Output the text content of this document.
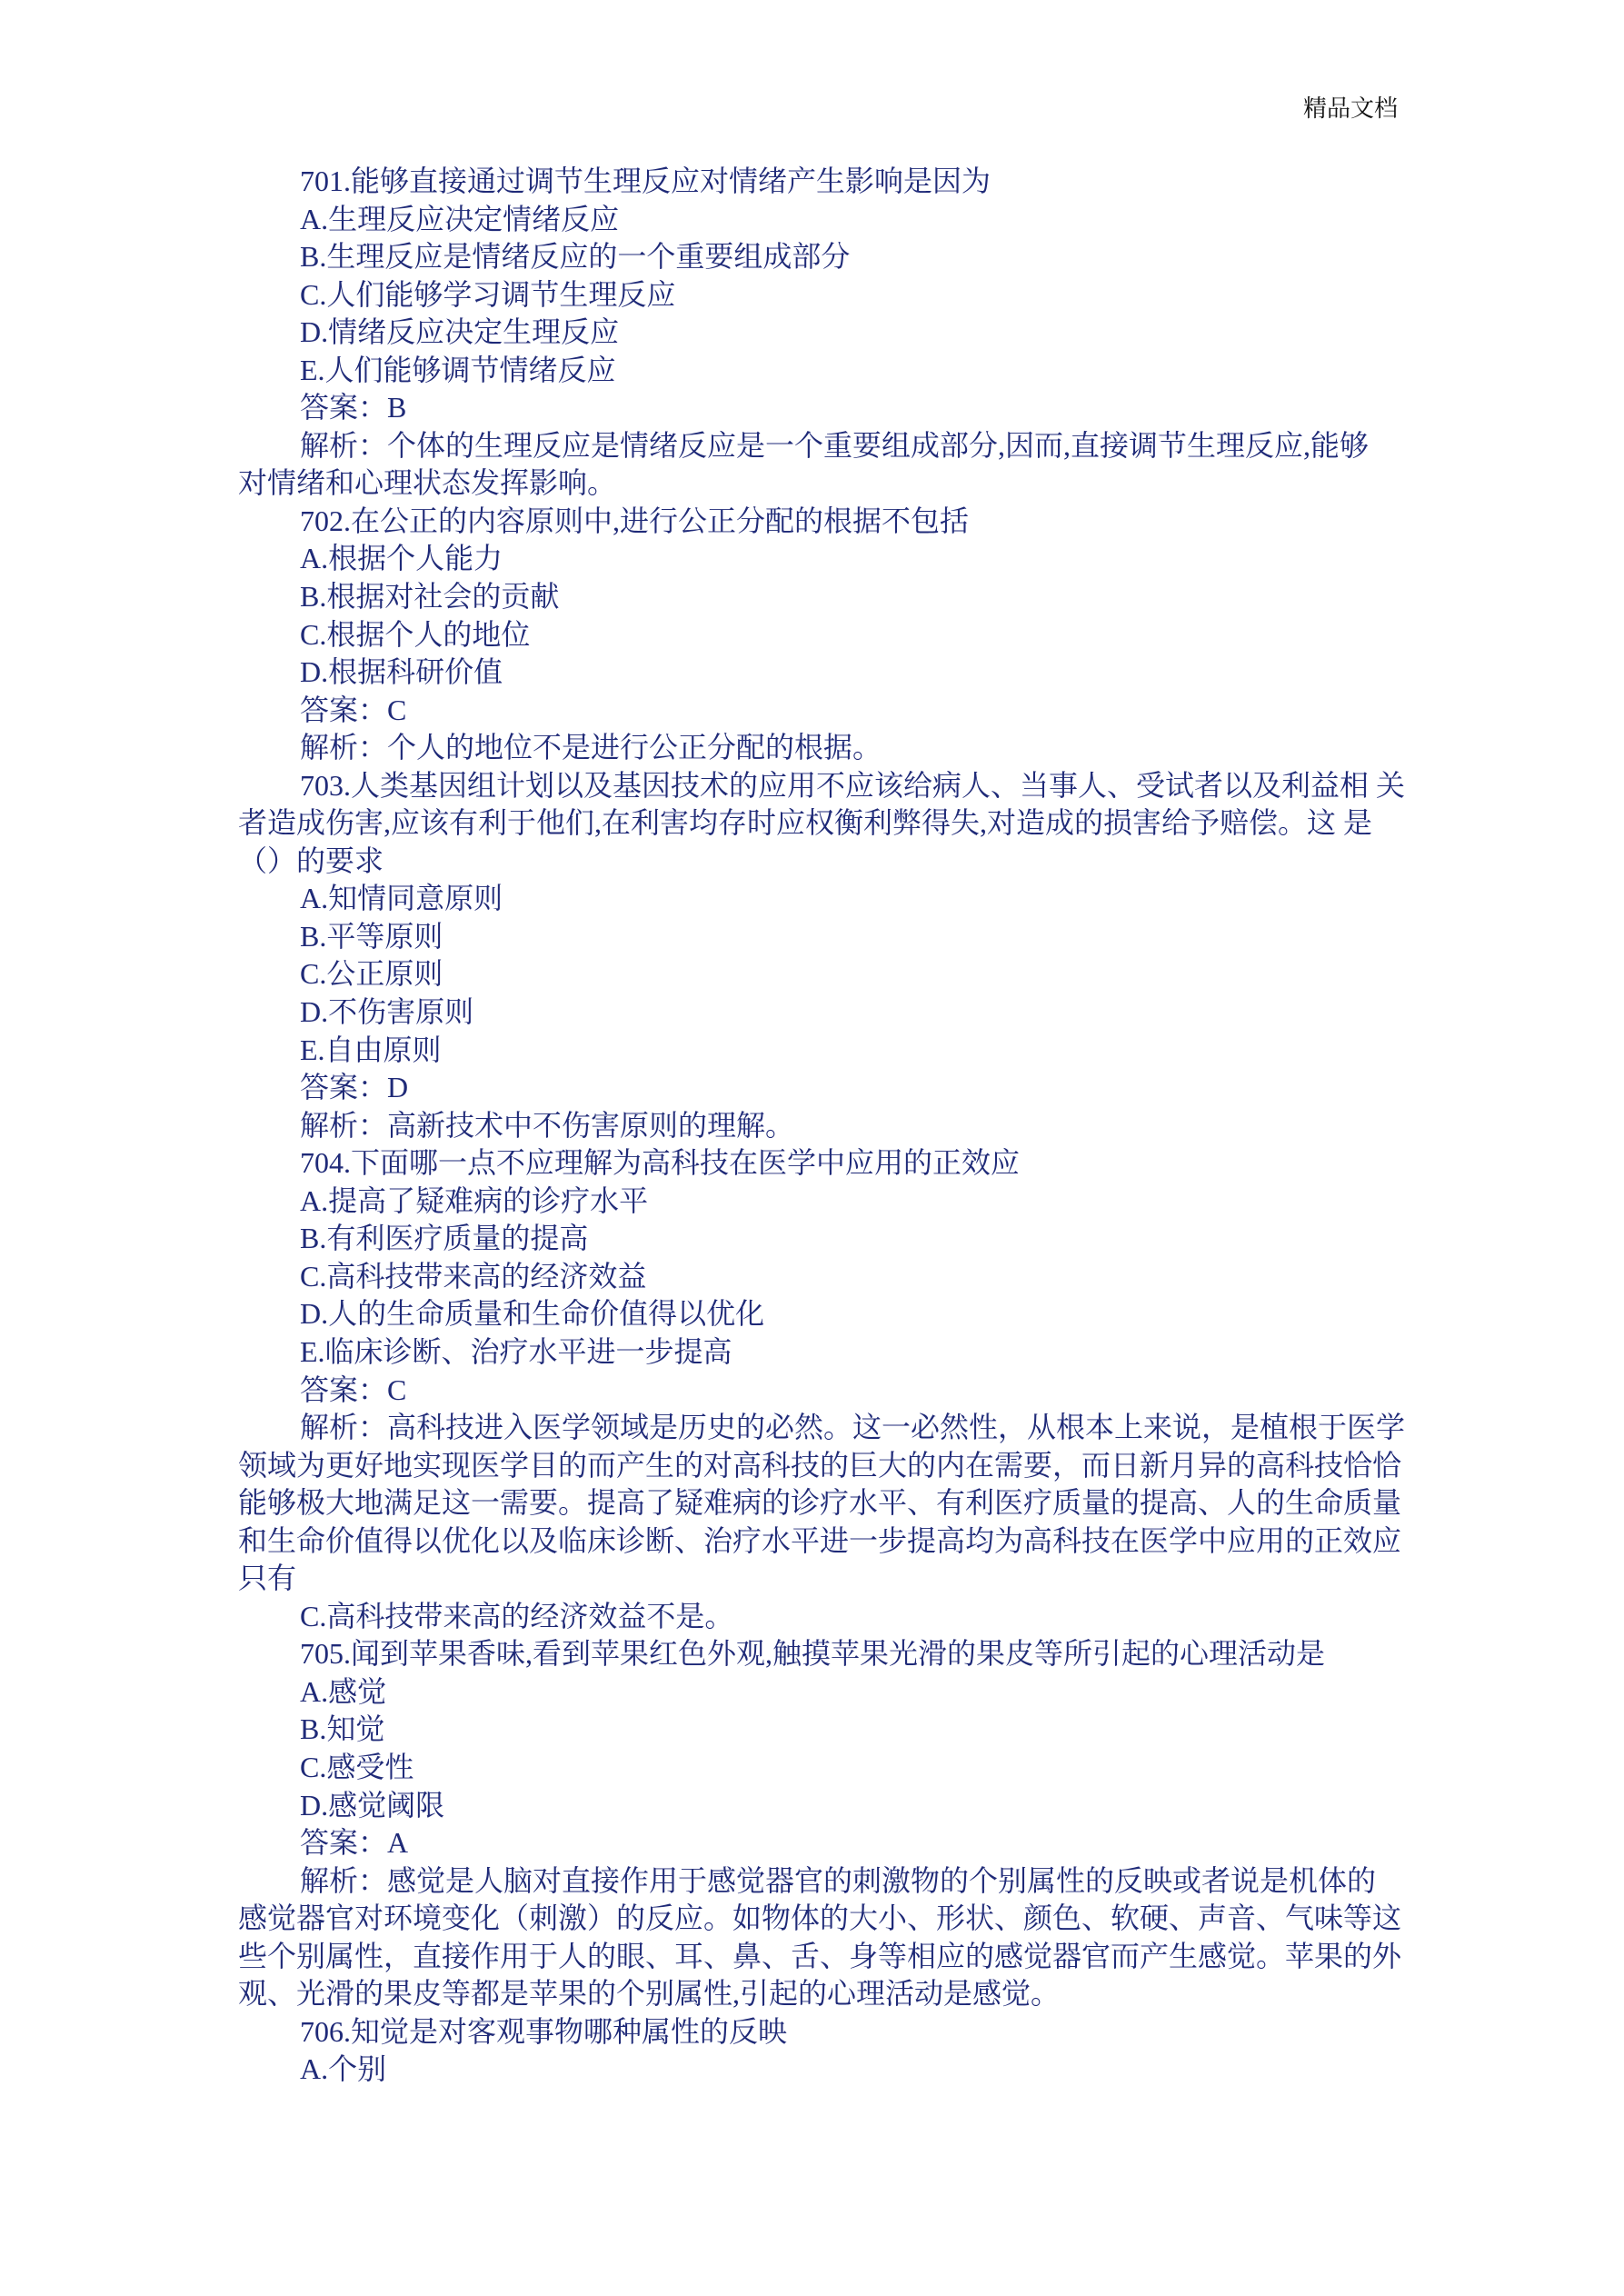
精品文档
701.能够直接通过调节生理反应对情绪产生影响是因为
A.生理反应决定情绪反应
B.生理反应是情绪反应的一个重要组成部分
C.人们能够学习调节生理反应
D.情绪反应决定生理反应
E.人们能够调节情绪反应
答案：B
解析：个体的生理反应是情绪反应是一个重要组成部分,因而,直接调节生理反应,能够
对情绪和心理状态发挥影响。
702.在公正的内容原则中,进行公正分配的根据不包括
A.根据个人能力
B.根据对社会的贡献
C.根据个人的地位
D.根据科研价值
答案：C
解析：个人的地位不是进行公正分配的根据。
703.人类基因组计划以及基因技术的应用不应该给病人、当事人、受试者以及利益相 关
者造成伤害,应该有利于他们,在利害均存时应权衡利弊得失,对造成的损害给予赔偿。这 是
（）的要求
A.知情同意原则
B.平等原则
C.公正原则
D.不伤害原则
E.自由原则
答案：D
解析：高新技术中不伤害原则的理解。
704.下面哪一点不应理解为高科技在医学中应用的正效应
A.提高了疑难病的诊疗水平
B.有利医疗质量的提高
C.高科技带来高的经济效益
D.人的生命质量和生命价值得以优化
E.临床诊断、治疗水平进一步提高
答案：C
解析：高科技进入医学领域是历史的必然。这一必然性，从根本上来说，是植根于医学
领域为更好地实现医学目的而产生的对高科技的巨大的内在需要，而日新月异的高科技恰恰
能够极大地满足这一需要。提高了疑难病的诊疗水平、有利医疗质量的提高、人的生命质量
和生命价值得以优化以及临床诊断、治疗水平进一步提高均为高科技在医学中应用的正效应
只有
C.高科技带来高的经济效益不是。
705.闻到苹果香味,看到苹果红色外观,触摸苹果光滑的果皮等所引起的心理活动是
A.感觉
B.知觉
C.感受性
D.感觉阈限
答案：A
解析：感觉是人脑对直接作用于感觉器官的刺激物的个别属性的反映或者说是机体的
感觉器官对环境变化（刺激）的反应。如物体的大小、形状、颜色、软硬、声音、气味等这
些个别属性，直接作用于人的眼、耳、鼻、舌、身等相应的感觉器官而产生感觉。苹果的外
观、光滑的果皮等都是苹果的个别属性,引起的心理活动是感觉。
706.知觉是对客观事物哪种属性的反映
A.个别
